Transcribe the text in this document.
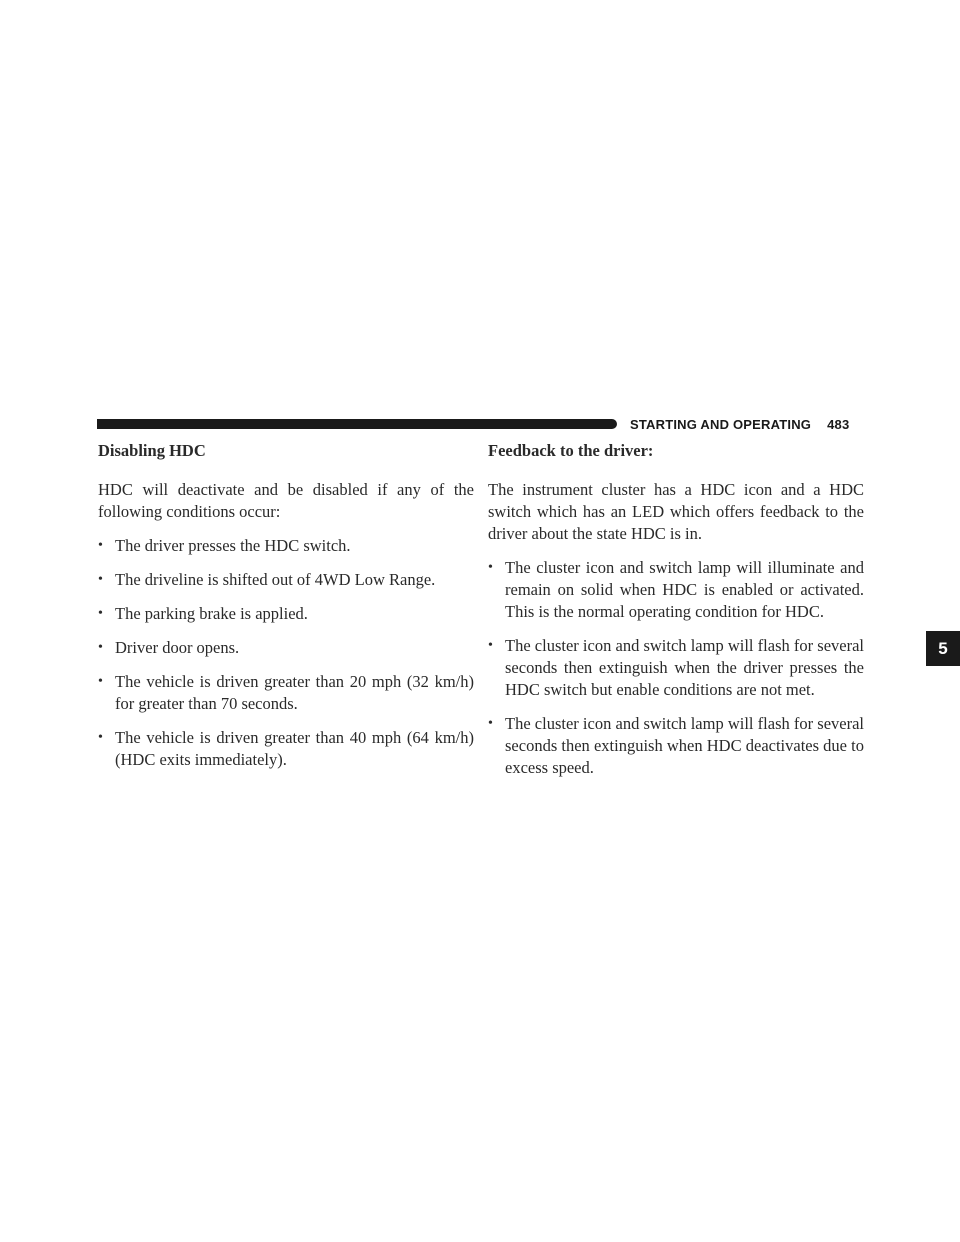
STARTING AND OPERATING 483
5
Disabling HDC

HDC will deactivate and be disabled if any of the following conditions occur:

• The driver presses the HDC switch.
• The driveline is shifted out of 4WD Low Range.
• The parking brake is applied.
• Driver door opens.
• The vehicle is driven greater than 20 mph (32 km/h) for greater than 70 seconds.
• The vehicle is driven greater than 40 mph (64 km/h) (HDC exits immediately).
Feedback to the driver:

The instrument cluster has a HDC icon and a HDC switch which has an LED which offers feedback to the driver about the state HDC is in.

• The cluster icon and switch lamp will illuminate and remain on solid when HDC is enabled or activated. This is the normal operating condition for HDC.
• The cluster icon and switch lamp will flash for several seconds then extinguish when the driver presses the HDC switch but enable conditions are not met.
• The cluster icon and switch lamp will flash for several seconds then extinguish when HDC deactivates due to excess speed.
